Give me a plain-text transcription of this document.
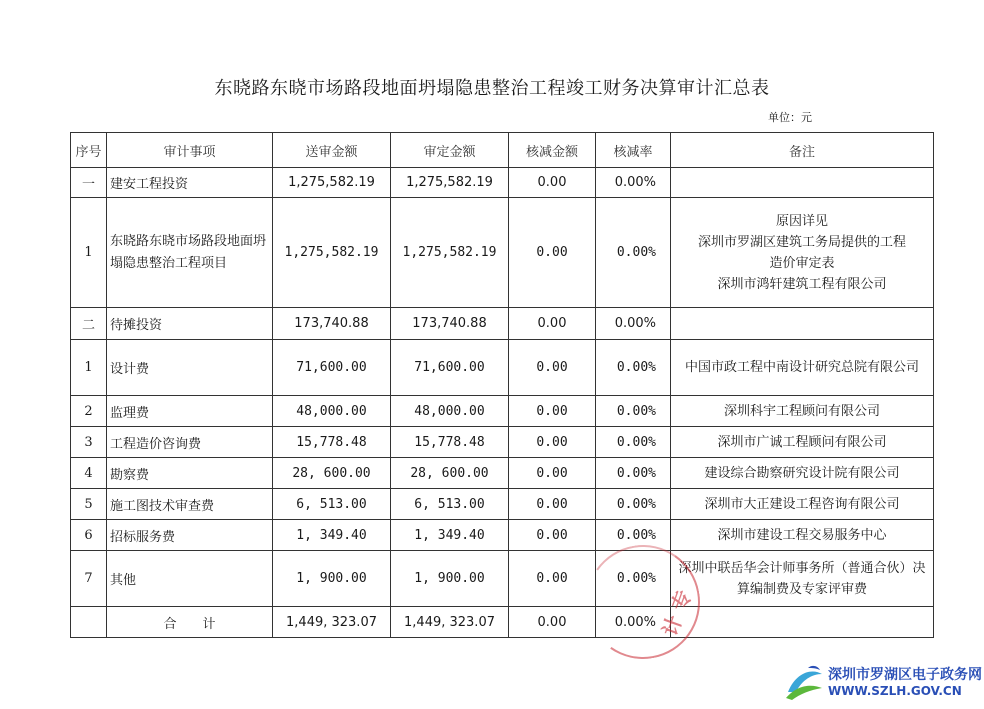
东晓路东晓市场路段地面坍塌隐患整治工程竣工财务决算审计汇总表
单位：元
序号	审计事项	送审金额	审定金额	核减金额	核减率	备注
一	建安工程投资	1,275,582.19	1,275,582.19	0.00	0.00%	
1	东晓路东晓市场路段地面坍塌隐患整治工程项目	1,275,582.19	1,275,582.19	0.00	0.00%	原因详见
深圳市罗湖区建筑工务局提供的工程
造价审定表
深圳市鸿轩建筑工程有限公司

二	待摊投资	173,740.88	173,740.88	0.00	0.00%	
1	设计费	71,600.00	71,600.00	0.00	0.00%	中国市政工程中南设计研究总院有限公司
2	监理费	48,000.00	48,000.00	0.00	0.00%	深圳科宇工程顾问有限公司
3	工程造价咨询费	15,778.48	15,778.48	0.00	0.00%	深圳市广诚工程顾问有限公司
4	勘察费	28, 600.00	28, 600.00	0.00	0.00%	建设综合勘察研究设计院有限公司
5	施工图技术审查费	6, 513.00	6, 513.00	0.00	0.00%	深圳市大正建设工程咨询有限公司
6	招标服务费	1, 349.40	1, 349.40	0.00	0.00%	深圳市建设工程交易服务中心
7	其他	1, 900.00	1, 900.00	0.00	0.00%	深圳中联岳华会计师事务所（普通合伙）决算编制费及专家评审费
	合　　计	1,449, 323.07	1,449, 323.07	0.00	0.00%	计 专
深圳市罗湖区电子政务网
WWW.SZLH.GOV.CN
